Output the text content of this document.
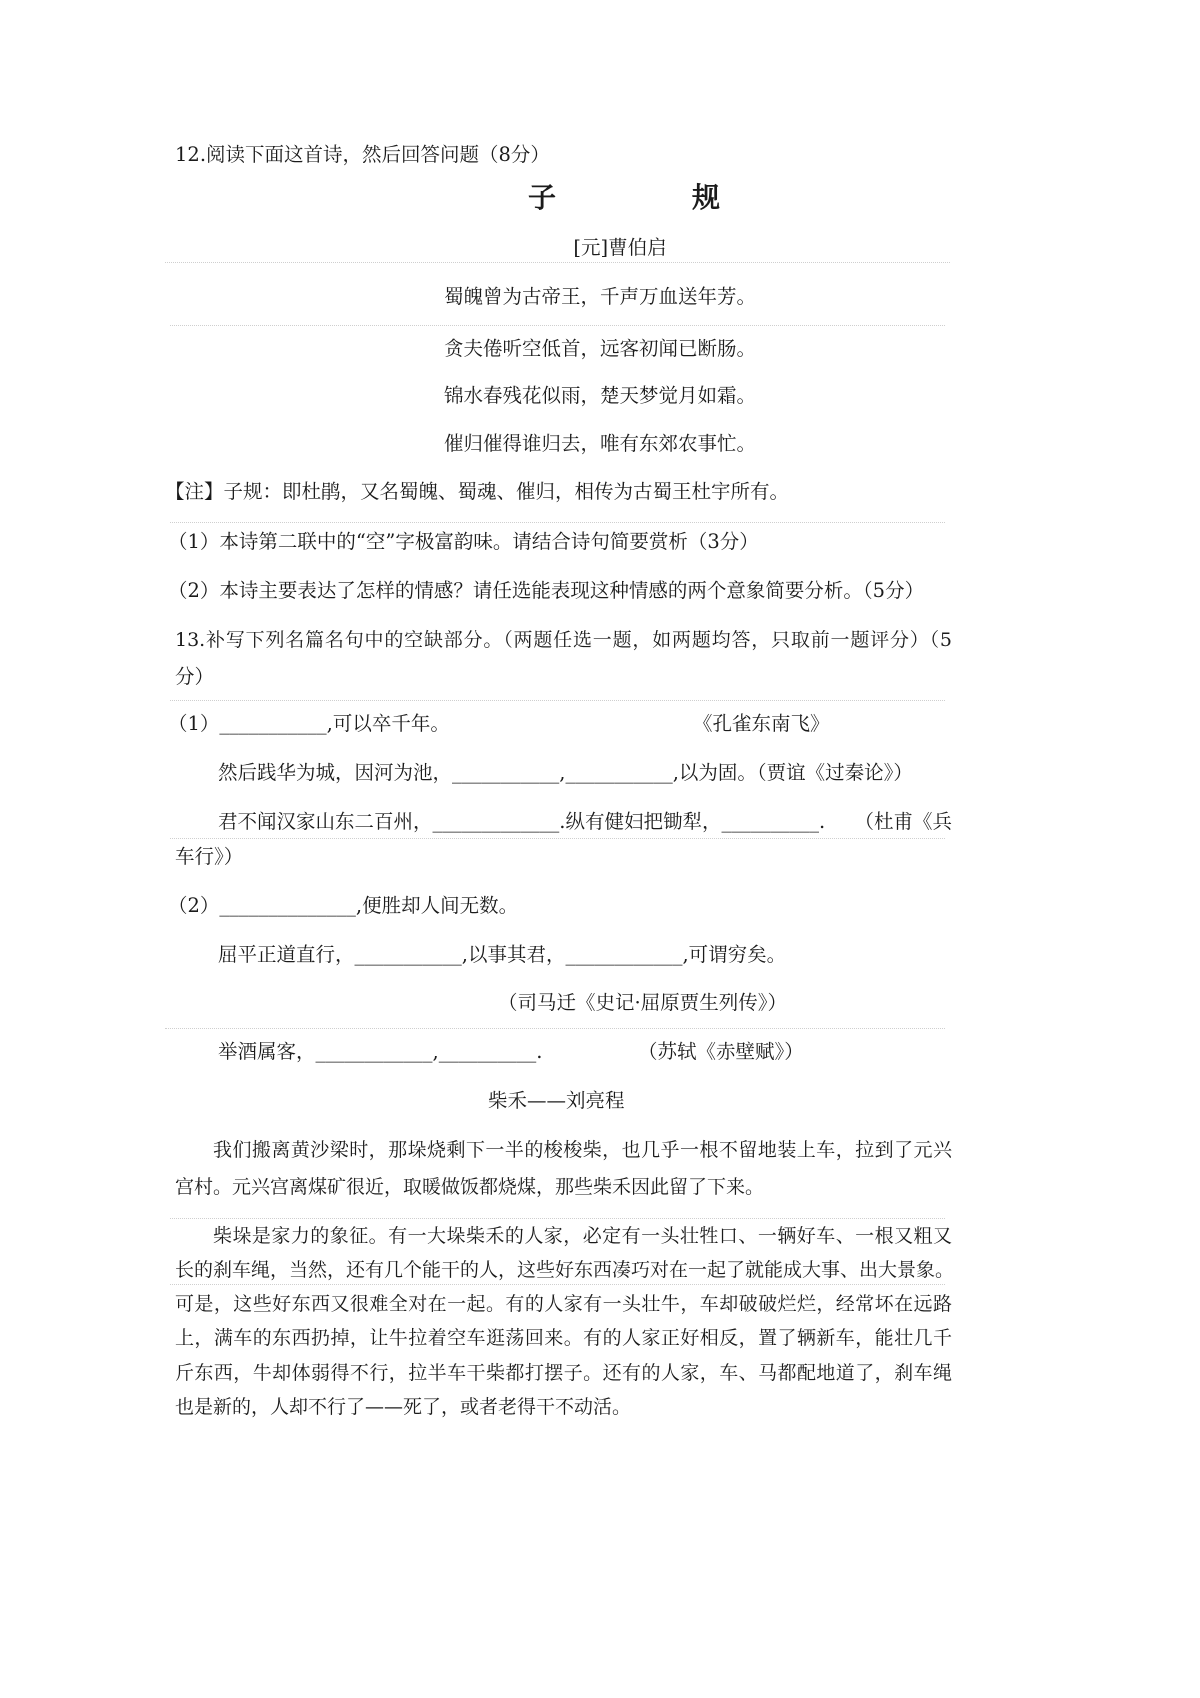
12.阅读下面这首诗，然后回答问题（8分）
子	规
[元]曹伯启
蜀魄曾为古帝王，千声万血送年芳。
贪夫倦听空低首，远客初闻已断肠。
锦水春残花似雨，楚天梦觉月如霜。
催归催得谁归去，唯有东郊农事忙。
【注】子规：即杜鹃，又名蜀魄、蜀魂、催归，相传为古蜀王杜宇所有。
（1）本诗第二联中的“空”字极富韵味。请结合诗句简要赏析（3分）
（2）本诗主要表达了怎样的情感？请任选能表现这种情感的两个意象简要分析。（5分）
13.补写下列名篇名句中的空缺部分。（两题任选一题，如两题均答，只取前一题评分）（5
分）
（1）___________,可以卒千年。	《孔雀东南飞》
然后践华为城，因河为池，___________,___________,以为固。（贾谊《过秦论》）
君不闻汉家山东二百州，_____________.纵有健妇把锄犁，__________. （杜甫《兵
车行》）
（2）______________,便胜却人间无数。
屈平正道直行，___________,以事其君，____________,可谓穷矣。
（司马迁《史记·屈原贾生列传》）
举酒属客，____________,__________.	（苏轼《赤壁赋》）
柴禾——刘亮程
我们搬离黄沙梁时，那垛烧剩下一半的梭梭柴，也几乎一根不留地装上车，拉到了元兴
宫村。元兴宫离煤矿很近，取暖做饭都烧煤，那些柴禾因此留了下来。
柴垛是家力的象征。有一大垛柴禾的人家，必定有一头壮牲口、一辆好车、一根又粗又
长的刹车绳，当然，还有几个能干的人，这些好东西凑巧对在一起了就能成大事、出大景象。
可是，这些好东西又很难全对在一起。有的人家有一头壮牛，车却破破烂烂，经常坏在远路
上，满车的东西扔掉，让牛拉着空车逛荡回来。有的人家正好相反，置了辆新车，能壮几千
斤东西，牛却体弱得不行，拉半车干柴都打摆子。还有的人家，车、马都配地道了，刹车绳
也是新的，人却不行了——死了，或者老得干不动活。
